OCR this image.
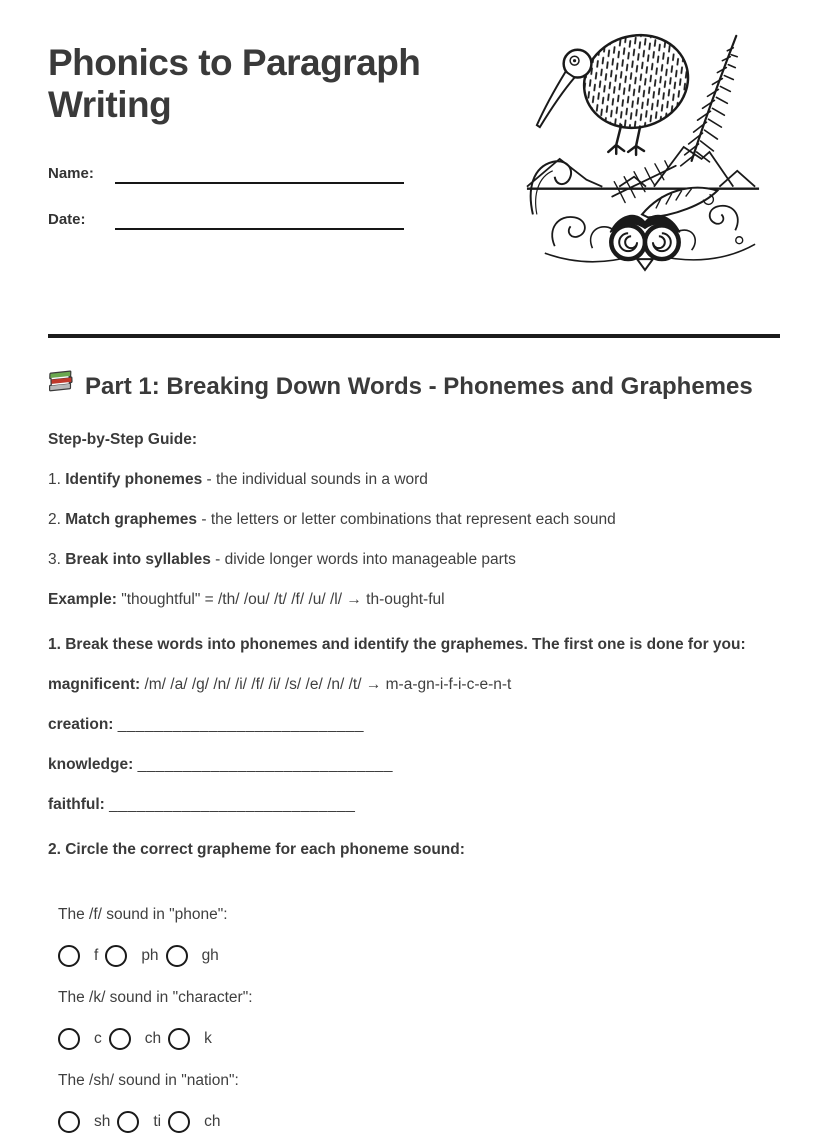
Phonics to Paragraph Writing
Name:
Date:
Part 1: Breaking Down Words - Phonemes and Graphemes

Step-by-Step Guide:

1. Identify phonemes - the individual sounds in a word

2. Match graphemes - the letters or letter combinations that represent each sound

3. Break into syllables - divide longer words into manageable parts

Example: "thoughtful" = /th/ /ou/ /t/ /f/ /u/ /l/ → th-ought-ful

1. Break these words into phonemes and identify the graphemes. The first one is done for you:

magnificent: /m/ /a/ /g/ /n/ /i/ /f/ /i/ /s/ /e/ /n/ /t/ → m-a-gn-i-f-i-c-e-n-t

creation: ___________________________

knowledge: ____________________________

faithful: ___________________________

2. Circle the correct grapheme for each phoneme sound:

The /f/ sound in "phone":

f	ph	gh

The /k/ sound in "character":

c	ch	k

The /sh/ sound in "nation":

sh	ti	ch
